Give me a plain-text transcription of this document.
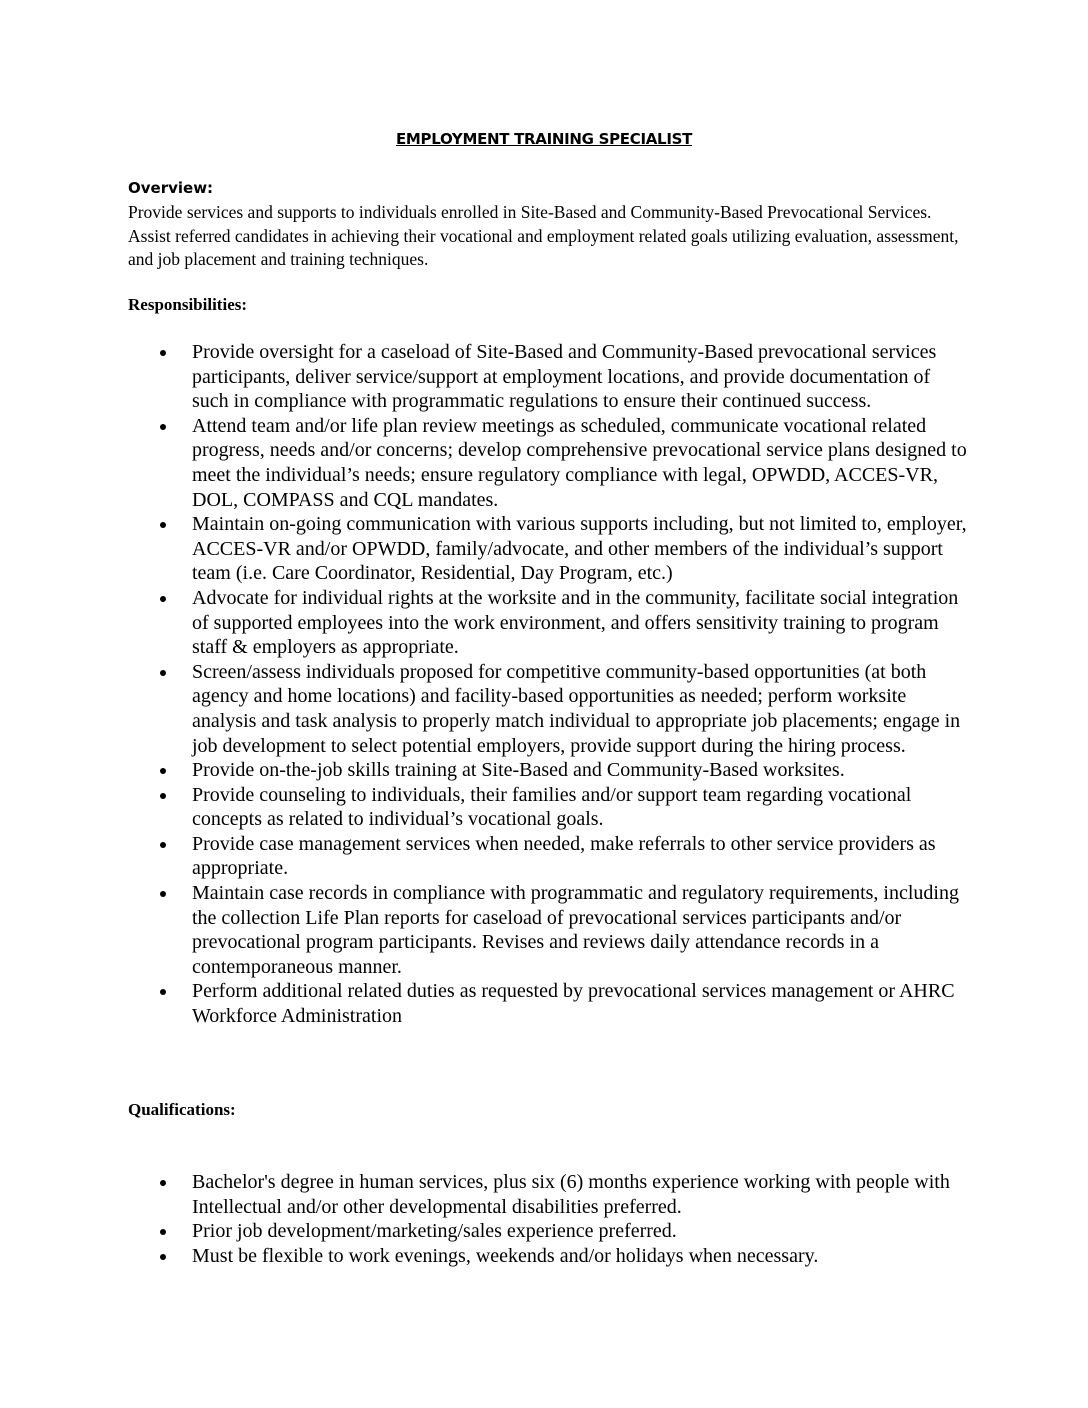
EMPLOYMENT TRAINING SPECIALIST
Overview:
Provide services and supports to individuals enrolled in Site-Based and Community-Based Prevocational Services. Assist referred candidates in achieving their vocational and employment related goals utilizing evaluation, assessment, and job placement and training techniques.
Responsibilities:
Provide oversight for a caseload of Site-Based and Community-Based prevocational services participants, deliver service/support at employment locations, and provide documentation of such in compliance with programmatic regulations to ensure their continued success.
Attend team and/or life plan review meetings as scheduled, communicate vocational related progress, needs and/or concerns; develop comprehensive prevocational service plans designed to meet the individual’s needs; ensure regulatory compliance with legal, OPWDD, ACCES-VR, DOL, COMPASS and CQL mandates.
Maintain on-going communication with various supports including, but not limited to, employer, ACCES-VR and/or OPWDD, family/advocate, and other members of the individual’s support team (i.e. Care Coordinator, Residential, Day Program, etc.)
Advocate for individual rights at the worksite and in the community, facilitate social integration of supported employees into the work environment, and offers sensitivity training to program staff & employers as appropriate.
Screen/assess individuals proposed for competitive community-based opportunities (at both agency and home locations) and facility-based opportunities as needed; perform worksite analysis and task analysis to properly match individual to appropriate job placements; engage in job development to select potential employers, provide support during the hiring process.
Provide on-the-job skills training at Site-Based and Community-Based worksites.
Provide counseling to individuals, their families and/or support team regarding vocational concepts as related to individual’s vocational goals.
Provide case management services when needed, make referrals to other service providers as appropriate.
Maintain case records in compliance with programmatic and regulatory requirements, including the collection Life Plan reports for caseload of prevocational services participants and/or prevocational program participants. Revises and reviews daily attendance records in a contemporaneous manner.
Perform additional related duties as requested by prevocational services management or AHRC Workforce Administration
Qualifications:
Bachelor's degree in human services, plus six (6) months experience working with people with Intellectual and/or other developmental disabilities preferred.
Prior job development/marketing/sales experience preferred.
Must be flexible to work evenings, weekends and/or holidays when necessary.
